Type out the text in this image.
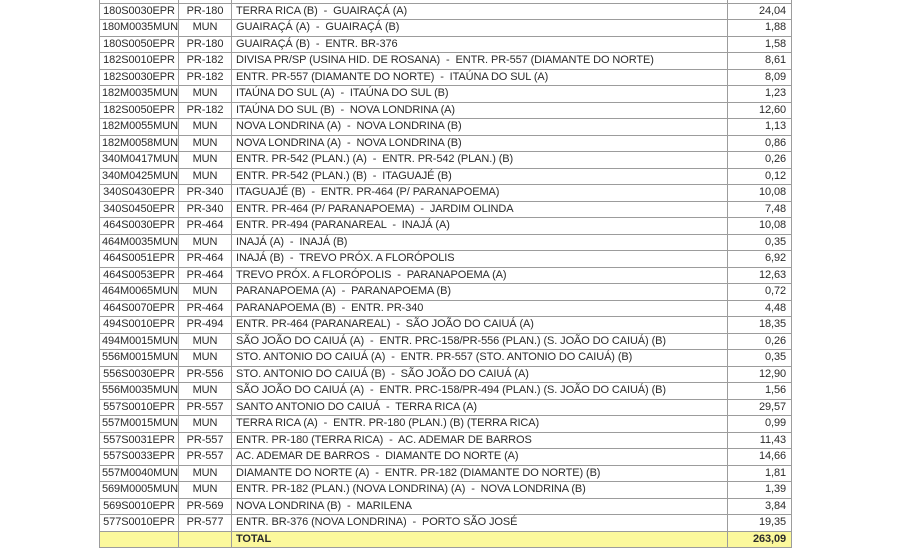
180S0030EPR	PR-180	TERRA RICA (B)  -  GUAIRAÇÁ (A)	24,04
180M0035MUN	MUN	GUAIRAÇÁ (A)  -  GUAIRAÇÁ (B)	1,88
180S0050EPR	PR-180	GUAIRAÇÁ (B)  -  ENTR. BR-376	1,58
182S0010EPR	PR-182	DIVISA PR/SP (USINA HID. DE ROSANA)  -  ENTR. PR-557 (DIAMANTE DO NORTE)	8,61
182S0030EPR	PR-182	ENTR. PR-557 (DIAMANTE DO NORTE)  -  ITAÚNA DO SUL (A)	8,09
182M0035MUN	MUN	ITAÚNA DO SUL (A)  -  ITAÚNA DO SUL (B)	1,23
182S0050EPR	PR-182	ITAÚNA DO SUL (B)  -  NOVA LONDRINA (A)	12,60
182M0055MUN	MUN	NOVA LONDRINA (A)  -  NOVA LONDRINA (B)	1,13
182M0058MUN	MUN	NOVA LONDRINA (A)  -  NOVA LONDRINA (B)	0,86
340M0417MUN	MUN	ENTR. PR-542 (PLAN.) (A)  -  ENTR. PR-542 (PLAN.) (B)	0,26
340M0425MUN	MUN	ENTR. PR-542 (PLAN.) (B)  -  ITAGUAJÉ (B)	0,12
340S0430EPR	PR-340	ITAGUAJÉ (B)  -  ENTR. PR-464 (P/ PARANAPOEMA)	10,08
340S0450EPR	PR-340	ENTR. PR-464 (P/ PARANAPOEMA)  -  JARDIM OLINDA	7,48
464S0030EPR	PR-464	ENTR. PR-494 (PARANAREAL  -  INAJÁ (A)	10,08
464M0035MUN	MUN	INAJÁ (A)  -  INAJÁ (B)	0,35
464S0051EPR	PR-464	INAJÁ (B)  -  TREVO PRÓX. A FLORÓPOLIS	6,92
464S0053EPR	PR-464	TREVO PRÓX. A FLORÓPOLIS  -  PARANAPOEMA (A)	12,63
464M0065MUN	MUN	PARANAPOEMA (A)  -  PARANAPOEMA (B)	0,72
464S0070EPR	PR-464	PARANAPOEMA (B)  -  ENTR. PR-340	4,48
494S0010EPR	PR-494	ENTR. PR-464 (PARANAREAL)  -  SÃO JOÃO DO CAIUÁ (A)	18,35
494M0015MUN	MUN	SÃO JOÃO DO CAIUÁ (A)  -  ENTR. PRC-158/PR-556 (PLAN.) (S. JOÃO DO CAIUÁ) (B)	0,26
556M0015MUN	MUN	STO. ANTONIO DO CAIUÁ (A)  -  ENTR. PR-557 (STO. ANTONIO DO CAIUÁ) (B)	0,35
556S0030EPR	PR-556	STO. ANTONIO DO CAIUÁ (B)  -  SÃO JOÃO DO CAIUÁ (A)	12,90
556M0035MUN	MUN	SÃO JOÃO DO CAIUÁ (A)  -  ENTR. PRC-158/PR-494 (PLAN.) (S. JOÃO DO CAIUÁ) (B)	1,56
557S0010EPR	PR-557	SANTO ANTONIO DO CAIUÁ  -  TERRA RICA (A)	29,57
557M0015MUN	MUN	TERRA RICA (A)  -  ENTR. PR-180 (PLAN.) (B) (TERRA RICA)	0,99
557S0031EPR	PR-557	ENTR. PR-180 (TERRA RICA)  -  AC. ADEMAR DE BARROS	11,43
557S0033EPR	PR-557	AC. ADEMAR DE BARROS  -  DIAMANTE DO NORTE (A)	14,66
557M0040MUN	MUN	DIAMANTE DO NORTE (A)  -  ENTR. PR-182 (DIAMANTE DO NORTE) (B)	1,81
569M0005MUN	MUN	ENTR. PR-182 (PLAN.) (NOVA LONDRINA) (A)  -  NOVA LONDRINA (B)	1,39
569S0010EPR	PR-569	NOVA LONDRINA (B)  -  MARILENA	3,84
577S0010EPR	PR-577	ENTR. BR-376 (NOVA LONDRINA)  -  PORTO SÃO JOSÉ	19,35
		TOTAL	263,09
